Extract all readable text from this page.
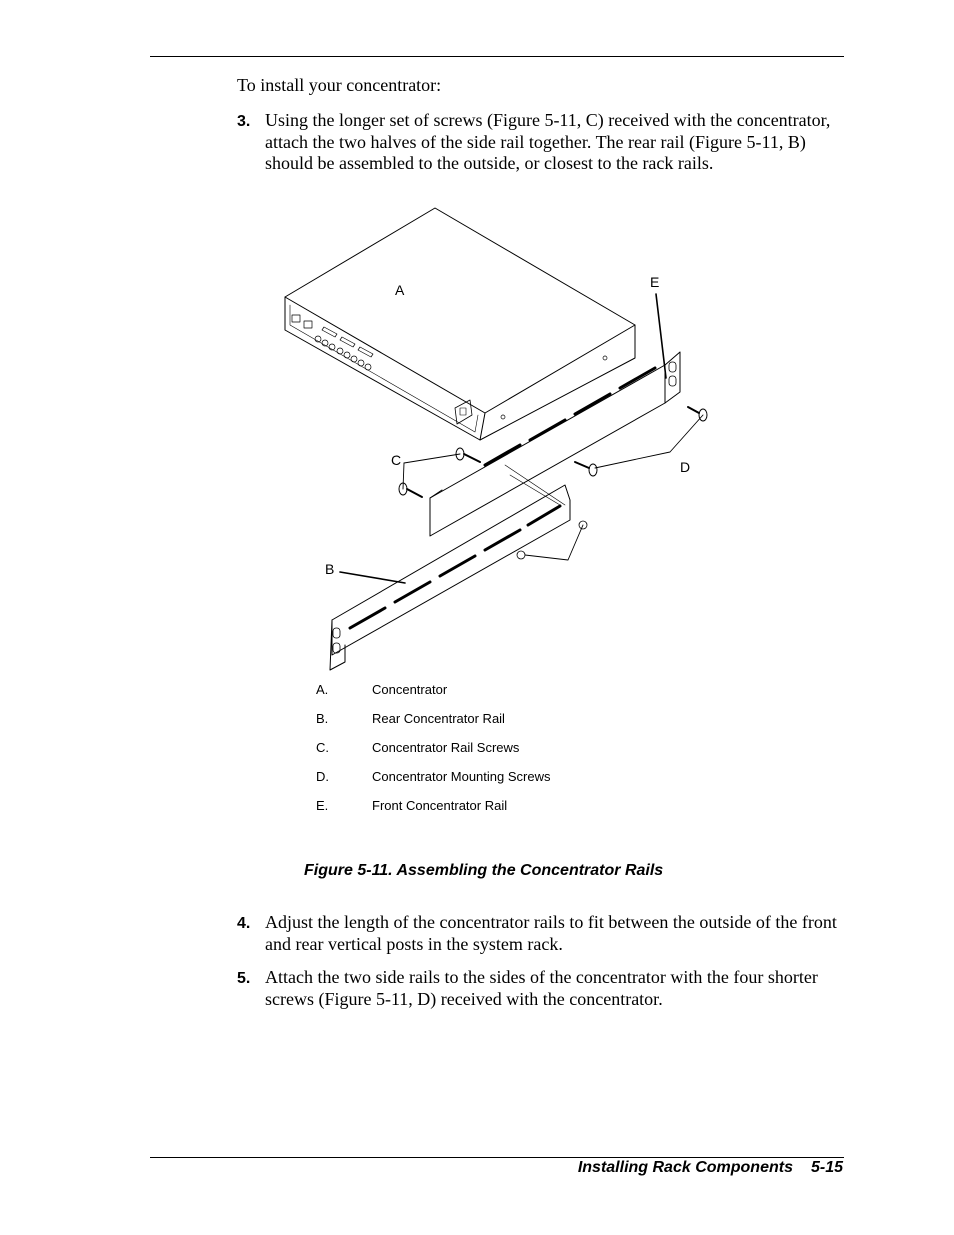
To install your concentrator:
3. Using the longer set of screws (Figure 5-11, C) received with the concentrator, attach the two halves of the side rail together. The rear rail (Figure 5-11, B) should be assembled to the outside, or closest to the rack rails.
A	E
C	D
B
A.	Concentrator
B.	Rear Concentrator Rail
C.	Concentrator Rail Screws
D.	Concentrator Mounting Screws
E.	Front Concentrator Rail
Figure 5-11. Assembling the Concentrator Rails
4. Adjust the length of the concentrator rails to fit between the outside of the front and rear vertical posts in the system rack.
5. Attach the two side rails to the sides of the concentrator with the four shorter screws (Figure 5-11, D) received with the concentrator.
Installing Rack Components 5-15
